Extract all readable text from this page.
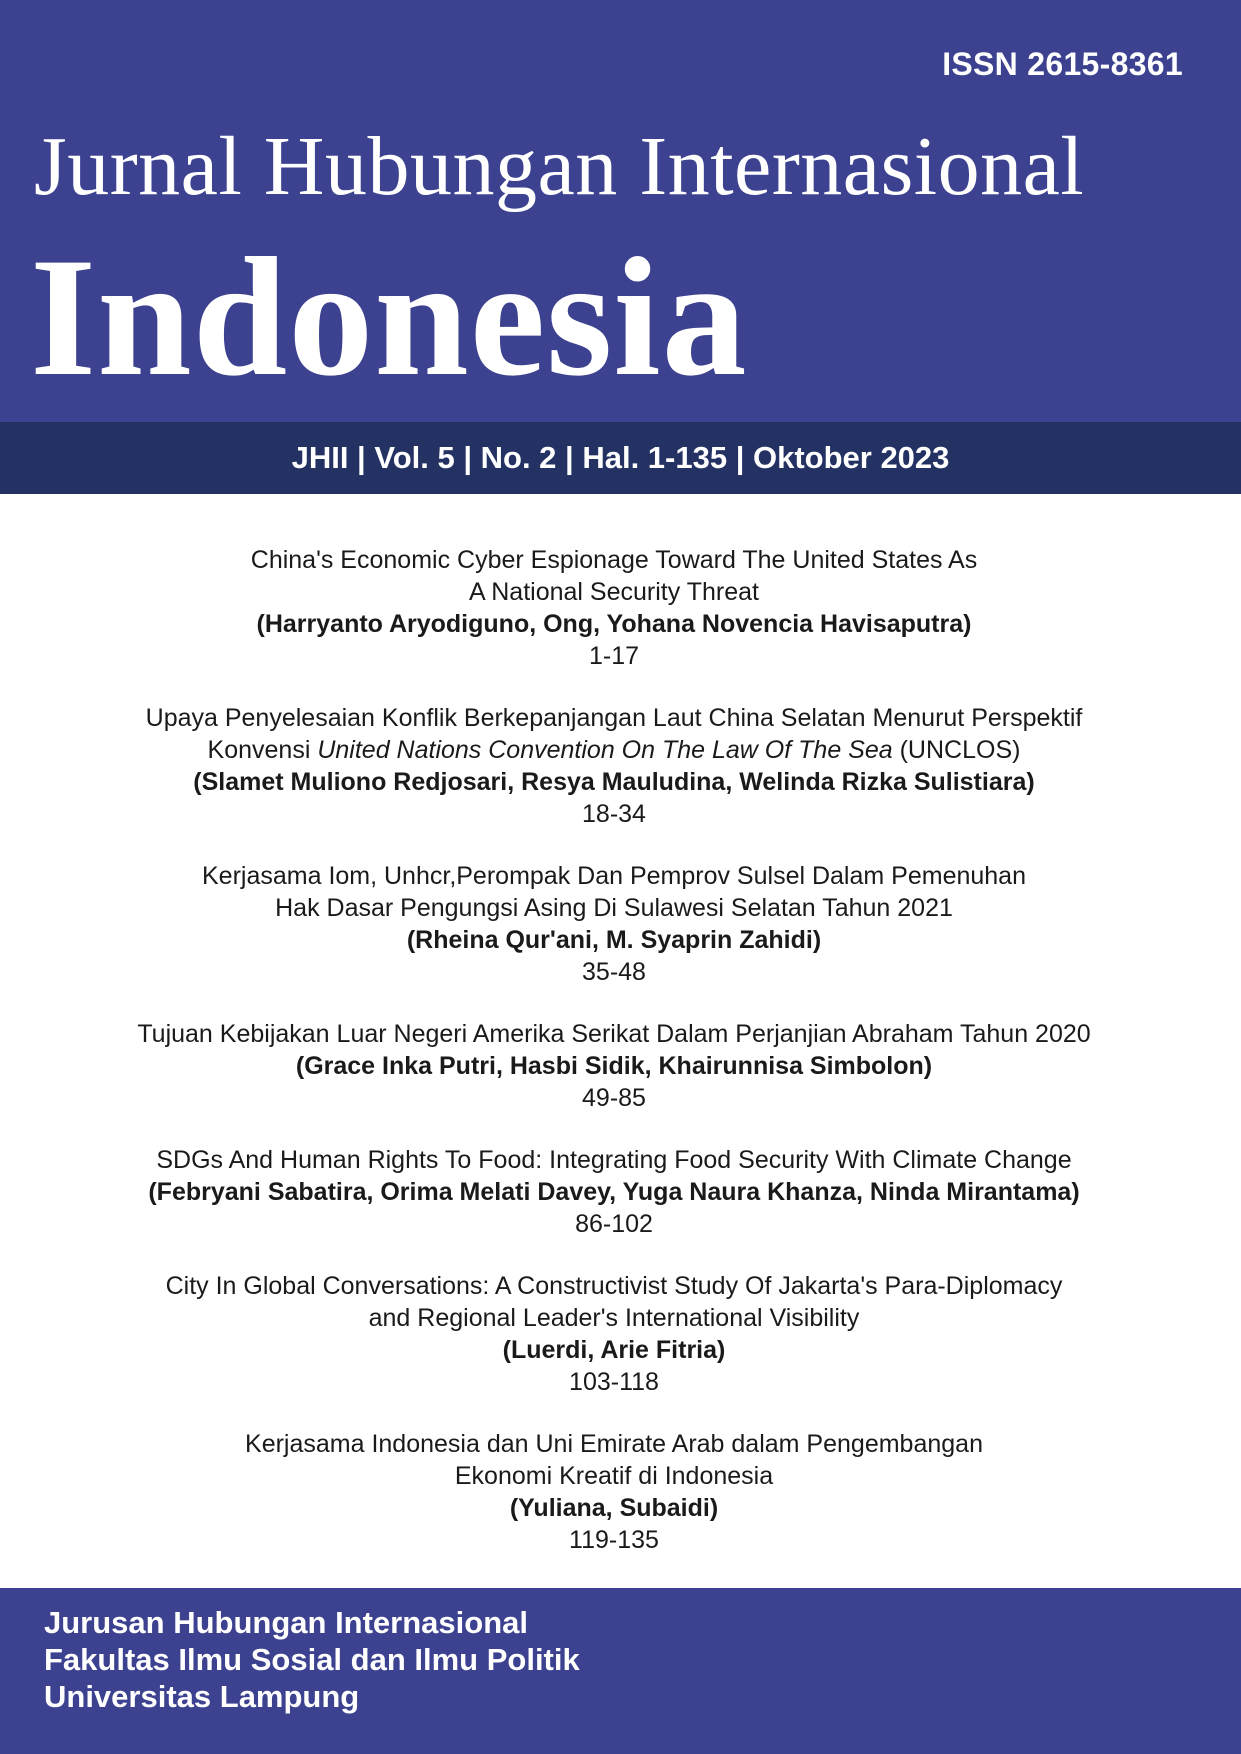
ISSN 2615-8361
Jurnal Hubungan Internasional
Indonesia
JHII | Vol. 5 | No. 2 | Hal. 1-135 | Oktober 2023
China's Economic Cyber Espionage Toward The United States As
A National Security Threat
(Harryanto Aryodiguno, Ong, Yohana Novencia Havisaputra)
1-17
Upaya Penyelesaian Konflik Berkepanjangan Laut China Selatan Menurut Perspektif
Konvensi United Nations Convention On The Law Of The Sea (UNCLOS)
(Slamet Muliono Redjosari, Resya Mauludina, Welinda Rizka Sulistiara)
18-34
Kerjasama Iom, Unhcr,Perompak Dan Pemprov Sulsel Dalam Pemenuhan
Hak Dasar Pengungsi Asing Di Sulawesi Selatan Tahun 2021
(Rheina Qur'ani, M. Syaprin Zahidi)
35-48
Tujuan Kebijakan Luar Negeri Amerika Serikat Dalam Perjanjian Abraham Tahun 2020
(Grace Inka Putri, Hasbi Sidik, Khairunnisa Simbolon)
49-85
SDGs And Human Rights To Food: Integrating Food Security With Climate Change
(Febryani Sabatira, Orima Melati Davey, Yuga Naura Khanza, Ninda Mirantama)
86-102
City In Global Conversations: A Constructivist Study Of Jakarta's Para-Diplomacy
and Regional Leader's International Visibility
(Luerdi, Arie Fitria)
103-118
Kerjasama Indonesia dan Uni Emirate Arab dalam Pengembangan
Ekonomi Kreatif di Indonesia
(Yuliana, Subaidi)
119-135
Jurusan Hubungan Internasional
Fakultas Ilmu Sosial dan Ilmu Politik
Universitas Lampung
